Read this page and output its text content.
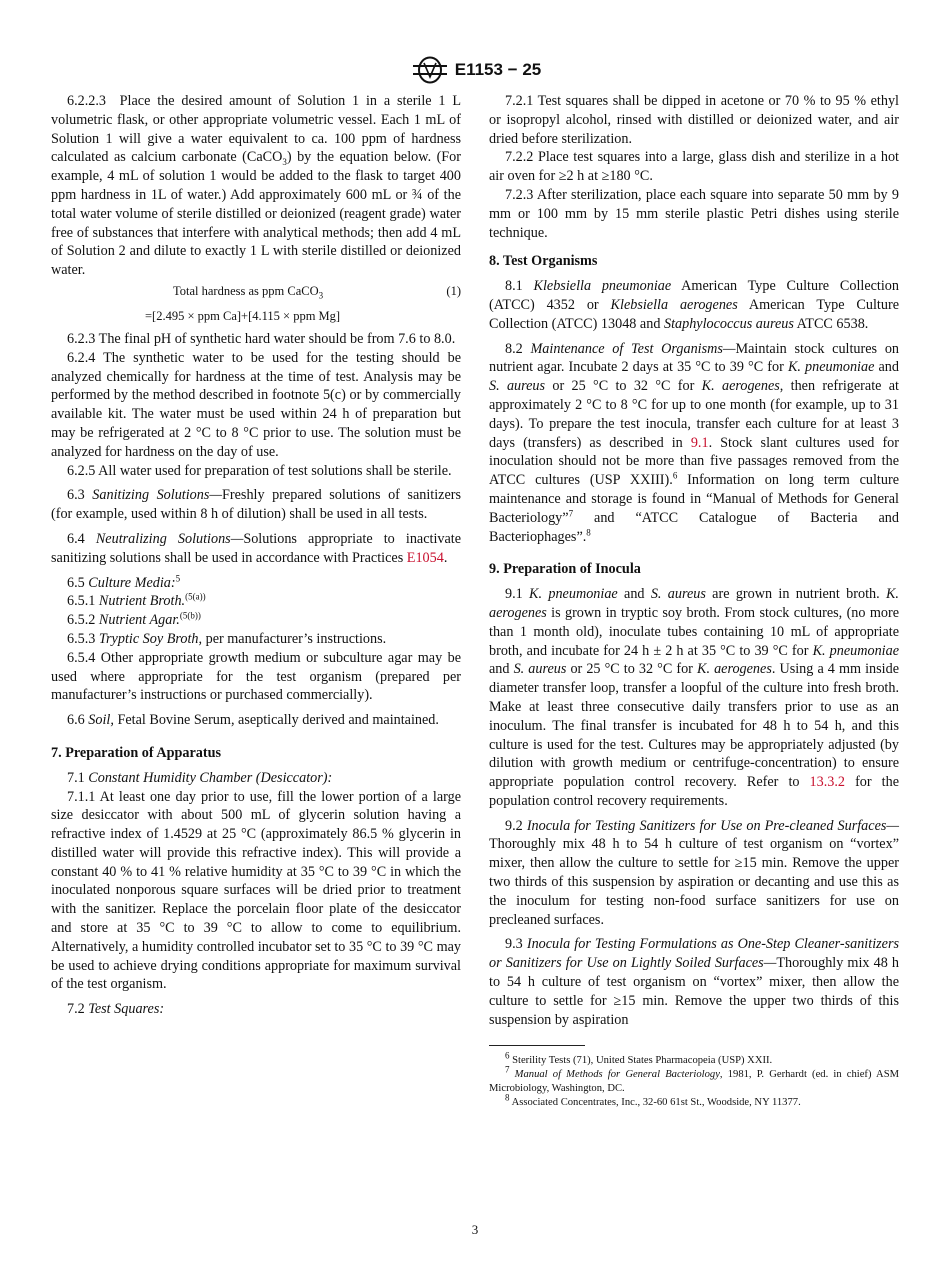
E1153 − 25

6.2.2.3 Place the desired amount of Solution 1 in a sterile 1 L volumetric flask, or other appropriate volumetric vessel. Each 1 mL of Solution 1 will give a water equivalent to ca. 100 ppm of hardness calculated as calcium carbonate (CaCO$_3$) by the equation below. (For example, 4 mL of solution 1 would be added to the flask to target 400 ppm hardness in 1L of water.) Add approximately 600 mL or ¾ of the total water volume of sterile distilled or deionized (reagent grade) water free of substances that interfere with analytical methods; then add 4 mL of Solution 2 and dilute to exactly 1 L with sterile distilled or deionized water.

Total hardness as ppm CaCO$_3$	(1)
=[2.495 × ppm Ca]+[4.115 × ppm Mg]

6.2.3 The final pH of synthetic hard water should be from 7.6 to 8.0.

6.2.4 The synthetic water to be used for the testing should be analyzed chemically for hardness at the time of test. Analysis may be performed by the method described in footnote 5(c) or by commercially available kit. The water must be used within 24 h of preparation but may be refrigerated at 2 °C to 8 °C prior to use. The solution must be analyzed for hardness on the day of use.

6.2.5 All water used for preparation of test solutions shall be sterile.

6.3 Sanitizing Solutions—Freshly prepared solutions of sanitizers (for example, used within 8 h of dilution) shall be used in all tests.

6.4 Neutralizing Solutions—Solutions appropriate to inactivate sanitizing solutions shall be used in accordance with Practices E1054.

6.5 Culture Media:$^5$

6.5.1 Nutrient Broth.$^{(5(a))}$

6.5.2 Nutrient Agar.$^{(5(b))}$

6.5.3 Tryptic Soy Broth, per manufacturer’s instructions.

6.5.4 Other appropriate growth medium or subculture agar may be used where appropriate for the test organism (prepared per manufacturer’s instructions or purchased commercially).

6.6 Soil, Fetal Bovine Serum, aseptically derived and maintained.

7. Preparation of Apparatus

7.1 Constant Humidity Chamber (Desiccator):

7.1.1 At least one day prior to use, fill the lower portion of a large size desiccator with about 500 mL of glycerin solution having a refractive index of 1.4529 at 25 °C (approximately 86.5 % glycerin in distilled water will provide this refractive index). This will provide a constant 40 % to 41 % relative humidity at 35 °C to 39 °C in which the inoculated nonporous square surfaces will be dried prior to treatment with the sanitizer. Replace the porcelain floor plate of the desiccator and store at 35 °C to 39 °C to allow to come to equilibrium. Alternatively, a humidity controlled incubator set to 35 °C to 39 °C may be used to achieve drying conditions appropriate for maximum survival of the test organism.

7.2 Test Squares:

7.2.1 Test squares shall be dipped in acetone or 70 % to 95 % ethyl or isopropyl alcohol, rinsed with distilled or deionized water, and air dried before sterilization.

7.2.2 Place test squares into a large, glass dish and sterilize in a hot air oven for ≥2 h at ≥180 °C.

7.2.3 After sterilization, place each square into separate 50 mm by 9 mm or 100 mm by 15 mm sterile plastic Petri dishes using sterile technique.

8. Test Organisms

8.1 Klebsiella pneumoniae American Type Culture Collection (ATCC) 4352 or Klebsiella aerogenes American Type Culture Collection (ATCC) 13048 and Staphylococcus aureus ATCC 6538.

8.2 Maintenance of Test Organisms—Maintain stock cultures on nutrient agar. Incubate 2 days at 35 °C to 39 °C for K. pneumoniae and S. aureus or 25 °C to 32 °C for K. aerogenes, then refrigerate at approximately 2 °C to 8 °C for up to one month (for example, up to 31 days). To prepare the test inocula, transfer each culture for at least 3 days (transfers) as described in 9.1. Stock slant cultures used for inoculation should not be more than five passages removed from the ATCC cultures (USP XXIII).$^6$ Information on long term culture maintenance and storage is found in “Manual of Methods for General Bacteriology”$^7$ and “ATCC Catalogue of Bacteria and Bacteriophages”.$^8$

9. Preparation of Inocula

9.1 K. pneumoniae and S. aureus are grown in nutrient broth. K. aerogenes is grown in tryptic soy broth. From stock cultures, (no more than 1 month old), inoculate tubes containing 10 mL of appropriate broth, and incubate for 24 h ± 2 h at 35 °C to 39 °C for K. pneumoniae and S. aureus or 25 °C to 32 °C for K. aerogenes. Using a 4 mm inside diameter transfer loop, transfer a loopful of the culture into fresh broth. Make at least three consecutive daily transfers prior to use as an inoculum. The final transfer is incubated for 48 h to 54 h, and this culture is used for the test. Cultures may be appropriately adjusted (by dilution with growth medium or centrifuge-concentration) to ensure appropriate population control recovery. Refer to 13.3.2 for the population control recovery requirements.

9.2 Inocula for Testing Sanitizers for Use on Pre-cleaned Surfaces—Thoroughly mix 48 h to 54 h culture of test organism on “vortex” mixer, then allow the culture to settle for ≥15 min. Remove the upper two thirds of this suspension by aspiration or decanting and use this as the inoculum for testing non-food surface sanitizers for use on precleaned surfaces.

9.3 Inocula for Testing Formulations as One-Step Cleaner-sanitizers or Sanitizers for Use on Lightly Soiled Surfaces—Thoroughly mix 48 h to 54 h culture of test organism on “vortex” mixer, then allow the culture to settle for ≥15 min. Remove the upper two thirds of this suspension by aspiration

$^6$ Sterility Tests (71), United States Pharmacopeia (USP) XXII.

$^7$ Manual of Methods for General Bacteriology, 1981, P. Gerhardt (ed. in chief) ASM Microbiology, Washington, DC.

$^8$ Associated Concentrates, Inc., 32-60 61st St., Woodside, NY 11377.

3
